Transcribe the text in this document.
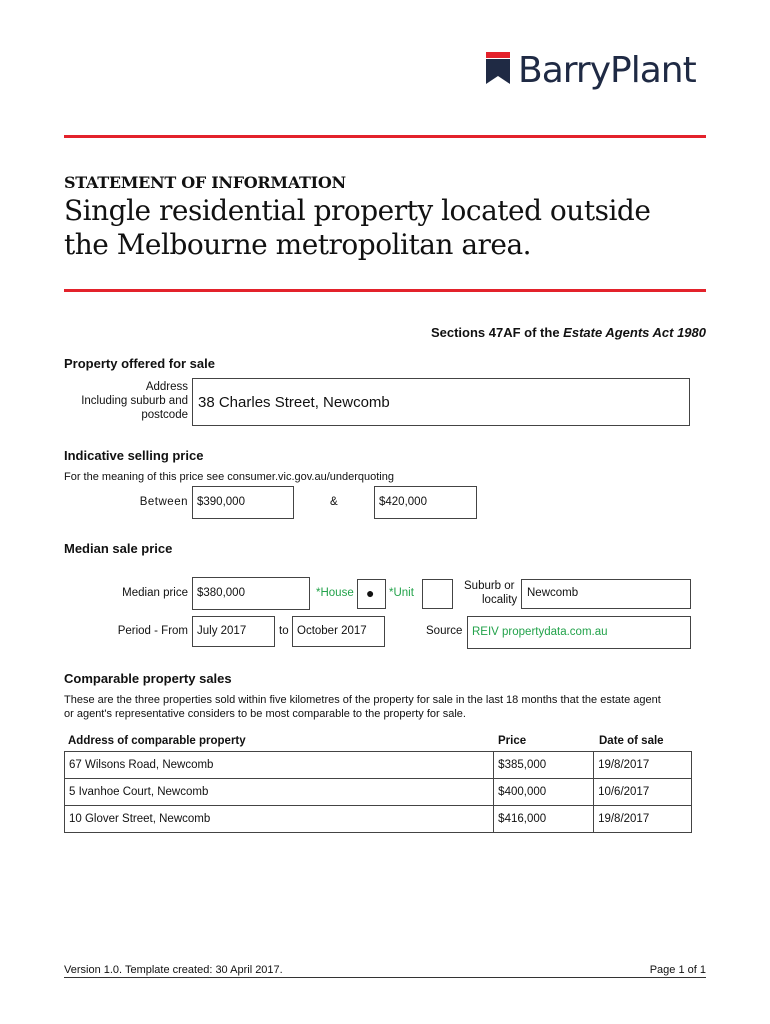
BarryPlant
STATEMENT OF INFORMATION
Single residential property located outside
the Melbourne metropolitan area.
Sections 47AF of the Estate Agents Act 1980
Property offered for sale
Address
Including suburb and
postcode
38 Charles Street, Newcomb
Indicative selling price
For the meaning of this price see consumer.vic.gov.au/underquoting
Between $390,000	&	$420,000
Median sale price
Median price $380,000	*House ● *Unit
Suburb or
locality
Newcomb
Period - From July 2017	to October 2017	Source REIV propertydata.com.au
Comparable property sales
These are the three properties sold within five kilometres of the property for sale in the last 18 months that the estate agent
or agent's representative considers to be most comparable to the property for sale.
Address of comparable property	Price	Date of sale
67 Wilsons Road, Newcomb	$385,000	19/8/2017
5 Ivanhoe Court, Newcomb	$400,000	10/6/2017
10 Glover Street, Newcomb	$416,000	19/8/2017
Version 1.0. Template created: 30 April 2017.	Page 1 of 1
